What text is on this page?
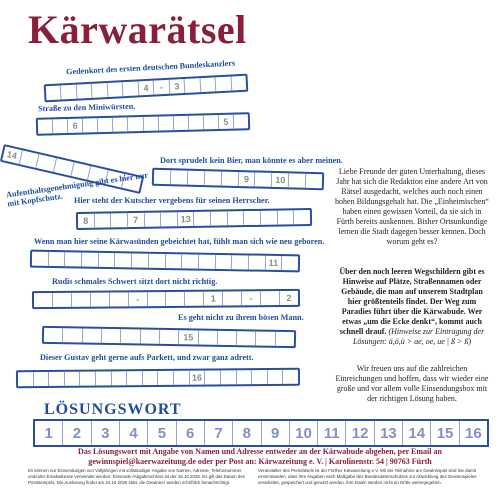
Kärwarätsel
Gedenkort des ersten deutschen Bundeskanzlers
4 - 3
Straße zu den Miniwürsten.
6	5
14
Aufenthaltsgenehmigung gibt es hier nur mit Kopfschutz.
Dort sprudelt kein Bier, man könnte es aber meinen.
9	10
Hier steht der Kutscher vergebens für seinen Herrscher.
8	7	13
Wenn man hier seine Kärwasünden gebeichtet hat, fühlt man sich wie neu geboren.
11
Rudis schmales Schwert sitzt dort nicht richtig.
-	1	-	2
Es geht nicht zu ihrem bösen Mann.
15
Dieser Gustav geht gerne aufs Parkett, und zwar ganz adrett.
16
Liebe Freunde der guten Unterhaltung, dieses Jahr hat sich die Redaktion eine andere Art von Rätsel ausgedacht, welches auch noch einen hohen Bildungsgehalt hat. Die „Einheimischen“ haben einen gewissen Vorteil, da sie sich in Fürth bereits auskennen. Bisher Ortsunkundige lernen die Stadt dagegen besser kennen. Doch worum geht es?
Über den noch leeren Wegschildern gibt es Hinweise auf Plätze, Straßennamen oder Gebäude, die man auf unserem Stadtplan hier größtenteils findet. Der Weg zum Paradies führt über die Kärwabude. Wer etwas „um die Ecke denkt“, kommt auch schnell drauf. (Hinweise zur Eintragung der Lösungen: ä,ö,ü > ae, oe, ue | ß > ß)
Wir freuen uns auf die zahlreichen Einreichungen und hoffen, dass wir wieder eine große und vor allem volle Einsendungsbox mit der richtigen Lösung haben.
LÖSUNGSWORT
1	2	3	4	5	6	7	8	9	10 11 12 13 14 15 16
Das Lösungswort mit Angabe von Namen und Adresse entweder an der Kärwabude abgeben, per Email an
gewinnspiel@kaerwazeitung.de oder per Post an: Kärwazeitung e. V. | Karolinenstr. 54 | 90763 Fürth
Es können nur Einsendungen von Volljährigen mit vollständiger Angabe von Namen, Adresse, Telefonnummer und/oder Emailadresse verwendet werden. Einsende-/Abgabeschluss ist der 15.10.2025. Es gilt das Datum des Poststempels. Die Auslosung findet am 24.10.2025 statt, die Gewinner werden schriftlich benachrichtigt.
Veranstalter des Preisrätsels ist der Fürther Kärwazeitung e.V. Mit der Teilnahme am Gewinnspiel sind Sie damit einverstanden, dass Ihre Angaben nach Maßgabe des Bundesdatenschutzes zur Abwicklung des Gewinnspieles verarbeitet, gespeichert und genutzt werden. Ihre Daten werden nicht an Dritte weitergegeben.
